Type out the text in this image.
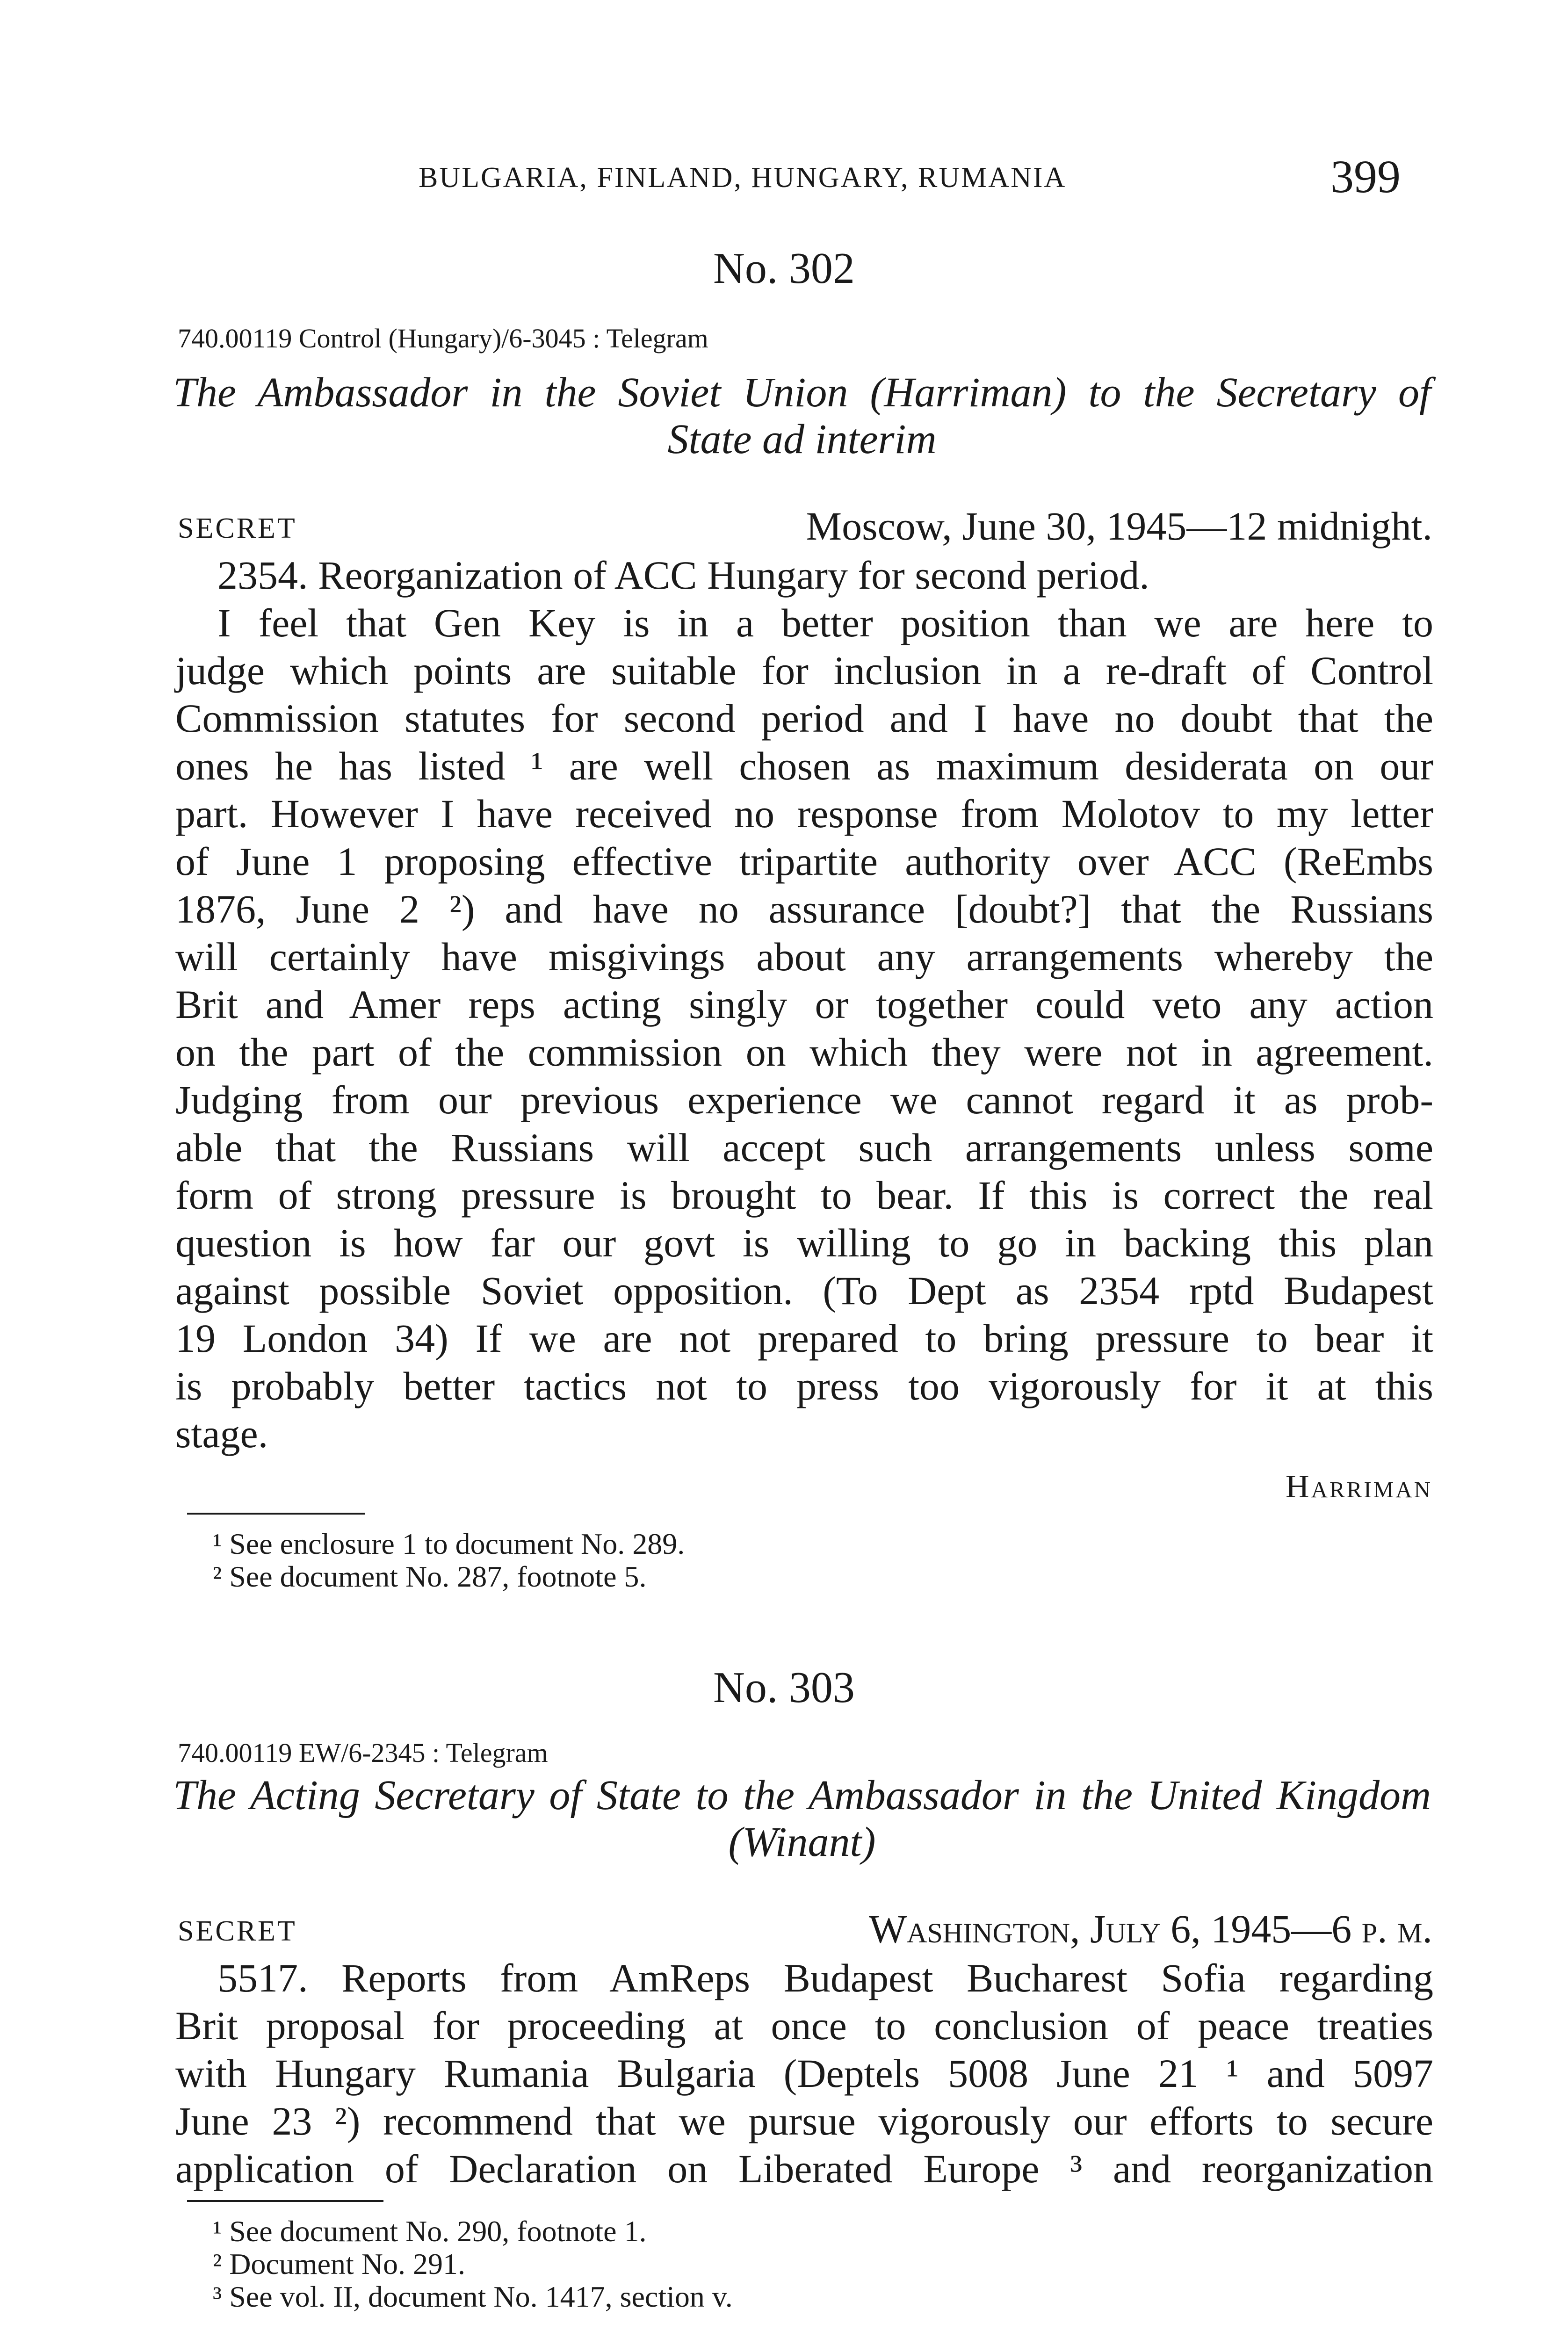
BULGARIA, FINLAND, HUNGARY, RUMANIA	399
No. 302
740.00119 Control (Hungary)/6-3045 : Telegram
The Ambassador in the Soviet Union (Harriman) to the Secretary of
State ad interim
SECRET	Moscow, June 30, 1945—12 midnight.
2354. Reorganization of ACC Hungary for second period.
I feel that Gen Key is in a better position than we are here to
judge which points are suitable for inclusion in a re-draft of Control
Commission statutes for second period and I have no doubt that the
ones he has listed ¹ are well chosen as maximum desiderata on our
part. However I have received no response from Molotov to my letter
of June 1 proposing effective tripartite authority over ACC (ReEmbs
1876, June 2 ²) and have no assurance [doubt?] that the Russians
will certainly have misgivings about any arrangements whereby the
Brit and Amer reps acting singly or together could veto any action
on the part of the commission on which they were not in agreement.
Judging from our previous experience we cannot regard it as prob-
able that the Russians will accept such arrangements unless some
form of strong pressure is brought to bear. If this is correct the real
question is how far our govt is willing to go in backing this plan
against possible Soviet opposition. (To Dept as 2354 rptd Budapest
19 London 34) If we are not prepared to bring pressure to bear it
is probably better tactics not to press too vigorously for it at this
stage.
Harriman
¹ See enclosure 1 to document No. 289.
² See document No. 287, footnote 5.
No. 303
740.00119 EW/6-2345 : Telegram
The Acting Secretary of State to the Ambassador in the United Kingdom
(Winant)
SECRET	Washington, July 6, 1945—6 p. m.
5517. Reports from AmReps Budapest Bucharest Sofia regarding
Brit proposal for proceeding at once to conclusion of peace treaties
with Hungary Rumania Bulgaria (Deptels 5008 June 21 ¹ and 5097
June 23 ²) recommend that we pursue vigorously our efforts to secure
application of Declaration on Liberated Europe ³ and reorganization
¹ See document No. 290, footnote 1.
² Document No. 291.
³ See vol. II, document No. 1417, section v.
